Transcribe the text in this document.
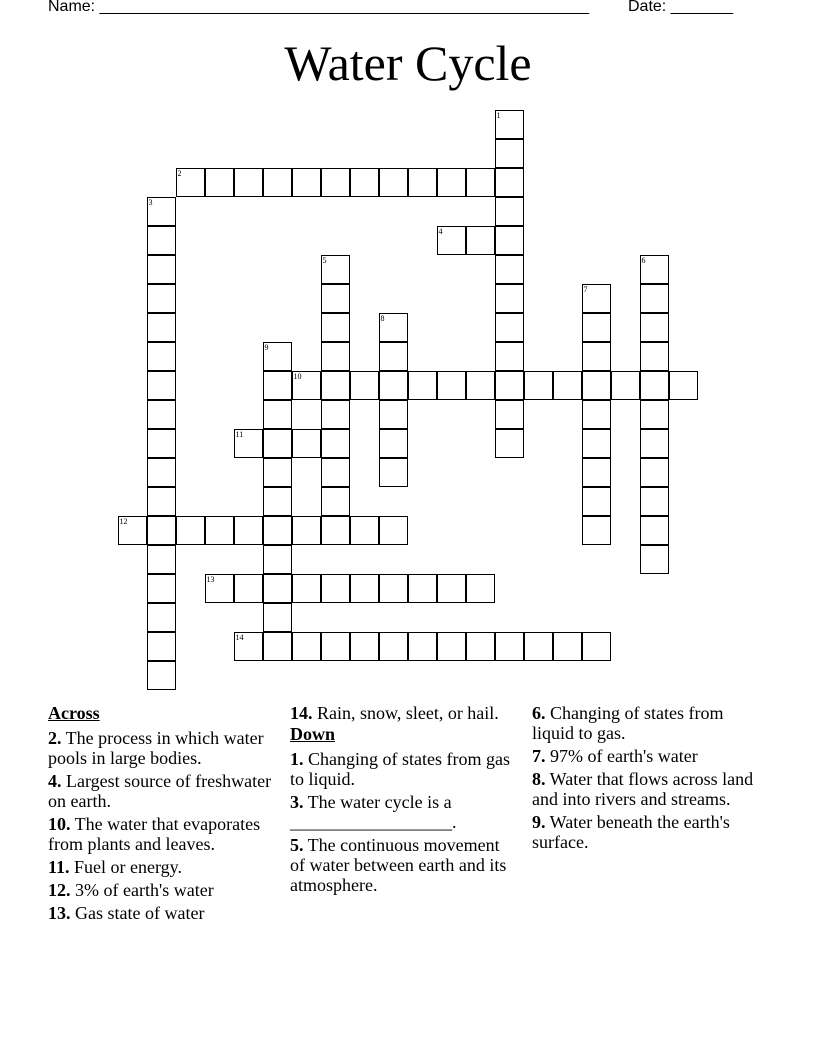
Name: _______________________________________________________ Date: _______
Water Cycle
1
2
3
4
5	6
7
8
9
10
11
12
13
14
Across
2. The process in which water pools in large bodies.
4. Largest source of freshwater on earth.
10. The water that evaporates from plants and leaves.
11. Fuel or energy.
12. 3% of earth's water
13. Gas state of water
14. Rain, snow, sleet, or hail.
Down
1. Changing of states from gas to liquid.
3. The water cycle is a __________________.
5. The continuous movement of water between earth and its atmosphere.
6. Changing of states from liquid to gas.
7. 97% of earth's water
8. Water that flows across land and into rivers and streams.
9. Water beneath the earth's surface.
